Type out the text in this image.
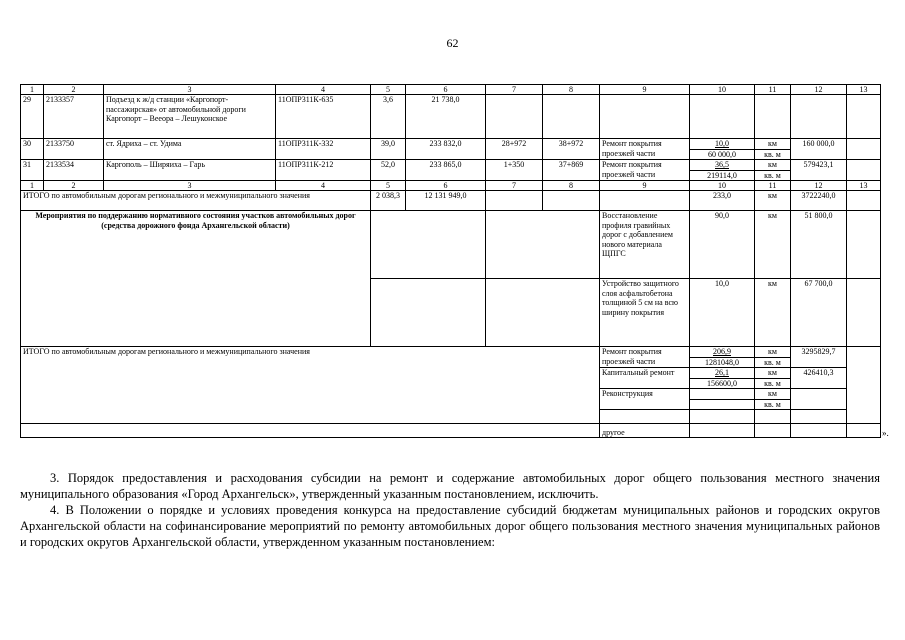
62
1	2	3	4	5	6	7	8	9	10	11	12	13
29	2133357	Подъезд к ж/д станции «Каргопорт-пассажирская» от автомобильной дороги Каргопорт – Вееора – Лешуконское	11ОПР311К-635	3,6	21 738,0							
30	2133750	ст. Ядриха – ст. Удима	11ОПР311К-332	39,0	233 832,0	28+972	38+972	Ремонт покрытия проезжей части	10,0	км	160 000,0	
									60 000,0	кв. м		
31	2133534	Каргополь – Ширяиха – Гарь	11ОПР311К-212	52,0	233 865,0	1+350	37+869	Ремонт покрытия проезжей части	36,5	км	579423,1	
									219114,0	кв. м		
1	2	3	4	5	6	7	8	9	10	11	12	13
ИТОГО по автомобильным дорогам регионального и межмуниципального значения				2 038,3	12 131 949,0				233,0	км	3722240,0	
Мероприятия по поддержанию нормативного состояния участков автомобильных дорог (средства дорожного фонда Архангельской области)								Восстановление профиля гравийных дорог с добавлением нового материала ЩПГС	90,0	км	51 800,0	
								Устройство защитного слоя асфальтобетона толщиной 5 см на всю ширину покрытия	10,0	км	67 700,0	
ИТОГО по автомобильным дорогам регионального и межмуниципального значения								Ремонт покрытия проезжей части	206,9	км	3295829,7	
									1281048,0	кв. м		
								Капитальный ремонт	26,1	км	426410,3	
									156600,0	кв. м		
								Реконструкция		км		
										кв. м		

								другое					».

3. Порядок предоставления и расходования субсидии на ремонт и содержание автомобильных дорог общего пользования местного значения муниципального образования «Город Архангельск», утвержденный указанным постановлением, исключить.

4. В Положении о порядке и условиях проведения конкурса на предоставление субсидий бюджетам муниципальных районов и городских округов Архангельской области на софинансирование мероприятий по ремонту автомобильных дорог общего пользования местного значения муниципальных районов и городских округов Архангельской области, утвержденном указанным постановлением:
